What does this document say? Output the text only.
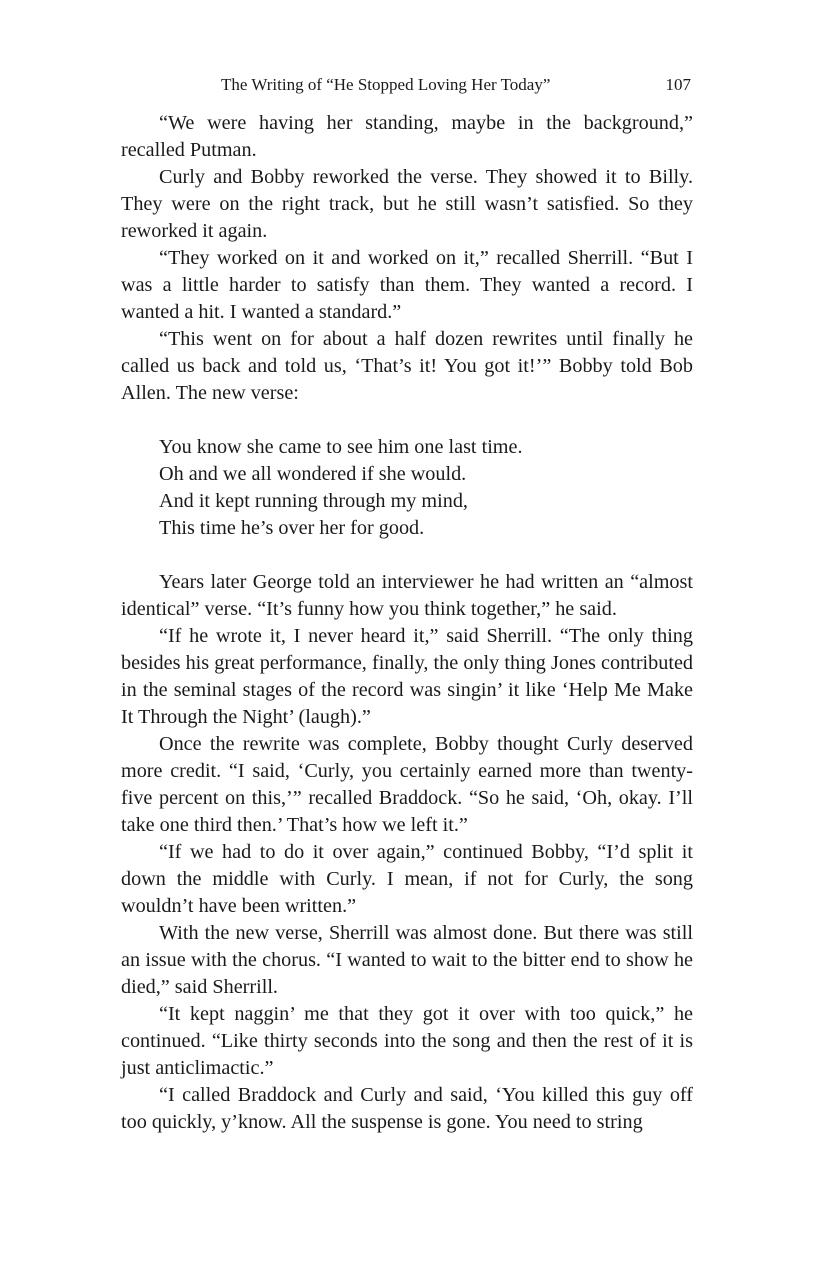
The Writing of “He Stopped Loving Her Today”	107

“We were having her standing, maybe in the background,” recalled Putman.

Curly and Bobby reworked the verse. They showed it to Billy. They were on the right track, but he still wasn’t satisfied. So they reworked it again.

“They worked on it and worked on it,” recalled Sherrill. “But I was a little harder to satisfy than them. They wanted a record. I wanted a hit. I wanted a standard.”

“This went on for about a half dozen rewrites until finally he called us back and told us, ‘That’s it! You got it!’” Bobby told Bob Allen. The new verse:

You know she came to see him one last time.
Oh and we all wondered if she would.
And it kept running through my mind,
This time he’s over her for good.

Years later George told an interviewer he had written an “almost identical” verse. “It’s funny how you think together,” he said.

“If he wrote it, I never heard it,” said Sherrill. “The only thing besides his great performance, finally, the only thing Jones contributed in the seminal stages of the record was singin’ it like ‘Help Me Make It Through the Night’ (laugh).”

Once the rewrite was complete, Bobby thought Curly deserved more credit. “I said, ‘Curly, you certainly earned more than twenty-five percent on this,’” recalled Braddock. “So he said, ‘Oh, okay. I’ll take one third then.’ That’s how we left it.”

“If we had to do it over again,” continued Bobby, “I’d split it down the middle with Curly. I mean, if not for Curly, the song wouldn’t have been written.”

With the new verse, Sherrill was almost done. But there was still an issue with the chorus. “I wanted to wait to the bitter end to show he died,” said Sherrill.

“It kept naggin’ me that they got it over with too quick,” he continued. “Like thirty seconds into the song and then the rest of it is just anticlimactic.”

“I called Braddock and Curly and said, ‘You killed this guy off too quickly, y’know. All the suspense is gone. You need to string
